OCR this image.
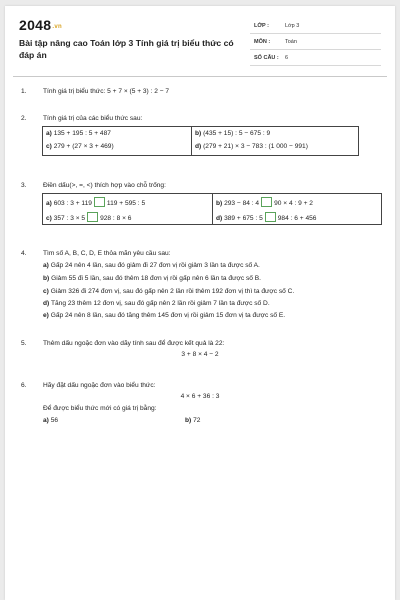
2048.vn
Bài tập nâng cao Toán lớp 3 Tính giá trị biểu thức có đáp án
LỚP :	Lớp 3
MÔN :	Toán
SỐ CÂU : 6
1.	Tính giá trị biểu thức: 5 + 7 × (5 + 3) : 2 − 7
2.	Tính giá trị của các biểu thức sau:
a) 135 + 195 : 5 + 487	b) (435 + 15) : 5 − 675 : 9
c) 279 + (27 × 3 + 469)	d) (279 + 21) × 3 − 783 : (1 000 − 991)
3.	Điền dấu(>, =, <) thích hợp vào chỗ trống:
a) 603 : 3 + 119 119 + 595 : 5	b) 293 − 84 : 4 90 × 4 : 9 + 2
c) 357 : 3 × 5 928 : 8 × 6	d) 389 + 675 : 5 984 : 6 + 456
4.	Tìm số A, B, C, D, E thỏa mãn yêu cầu sau:
a) Gấp 24 nên 4 lần, sau đó giảm đi 27 đơn vị rồi giảm 3 lần ta được số A.
b) Giảm 55 đi 5 lần, sau đó thêm 18 đơn vị rồi gấp nên 6 lần ta được số B.
c) Giảm 326 đi 274 đơn vị, sau đó gấp nên 2 lần rồi thêm 192 đơn vị thì ta được số C.
d) Tăng 23 thêm 12 đơn vị, sau đó gấp nên 2 lần rồi giảm 7 lần ta được số D.
e) Gấp 24 nên 8 lần, sau đó tăng thêm 145 đơn vị rồi giảm 15 đơn vị ta được số E.
5.	Thêm dấu ngoặc đơn vào dãy tính sau để được kết quả là 22:
3 + 8 × 4 − 2
6.	Hãy đặt dấu ngoặc đơn vào biểu thức:
4 × 6 + 36 : 3
Để được biểu thức mới có giá trị bằng:
a) 56	b) 72
